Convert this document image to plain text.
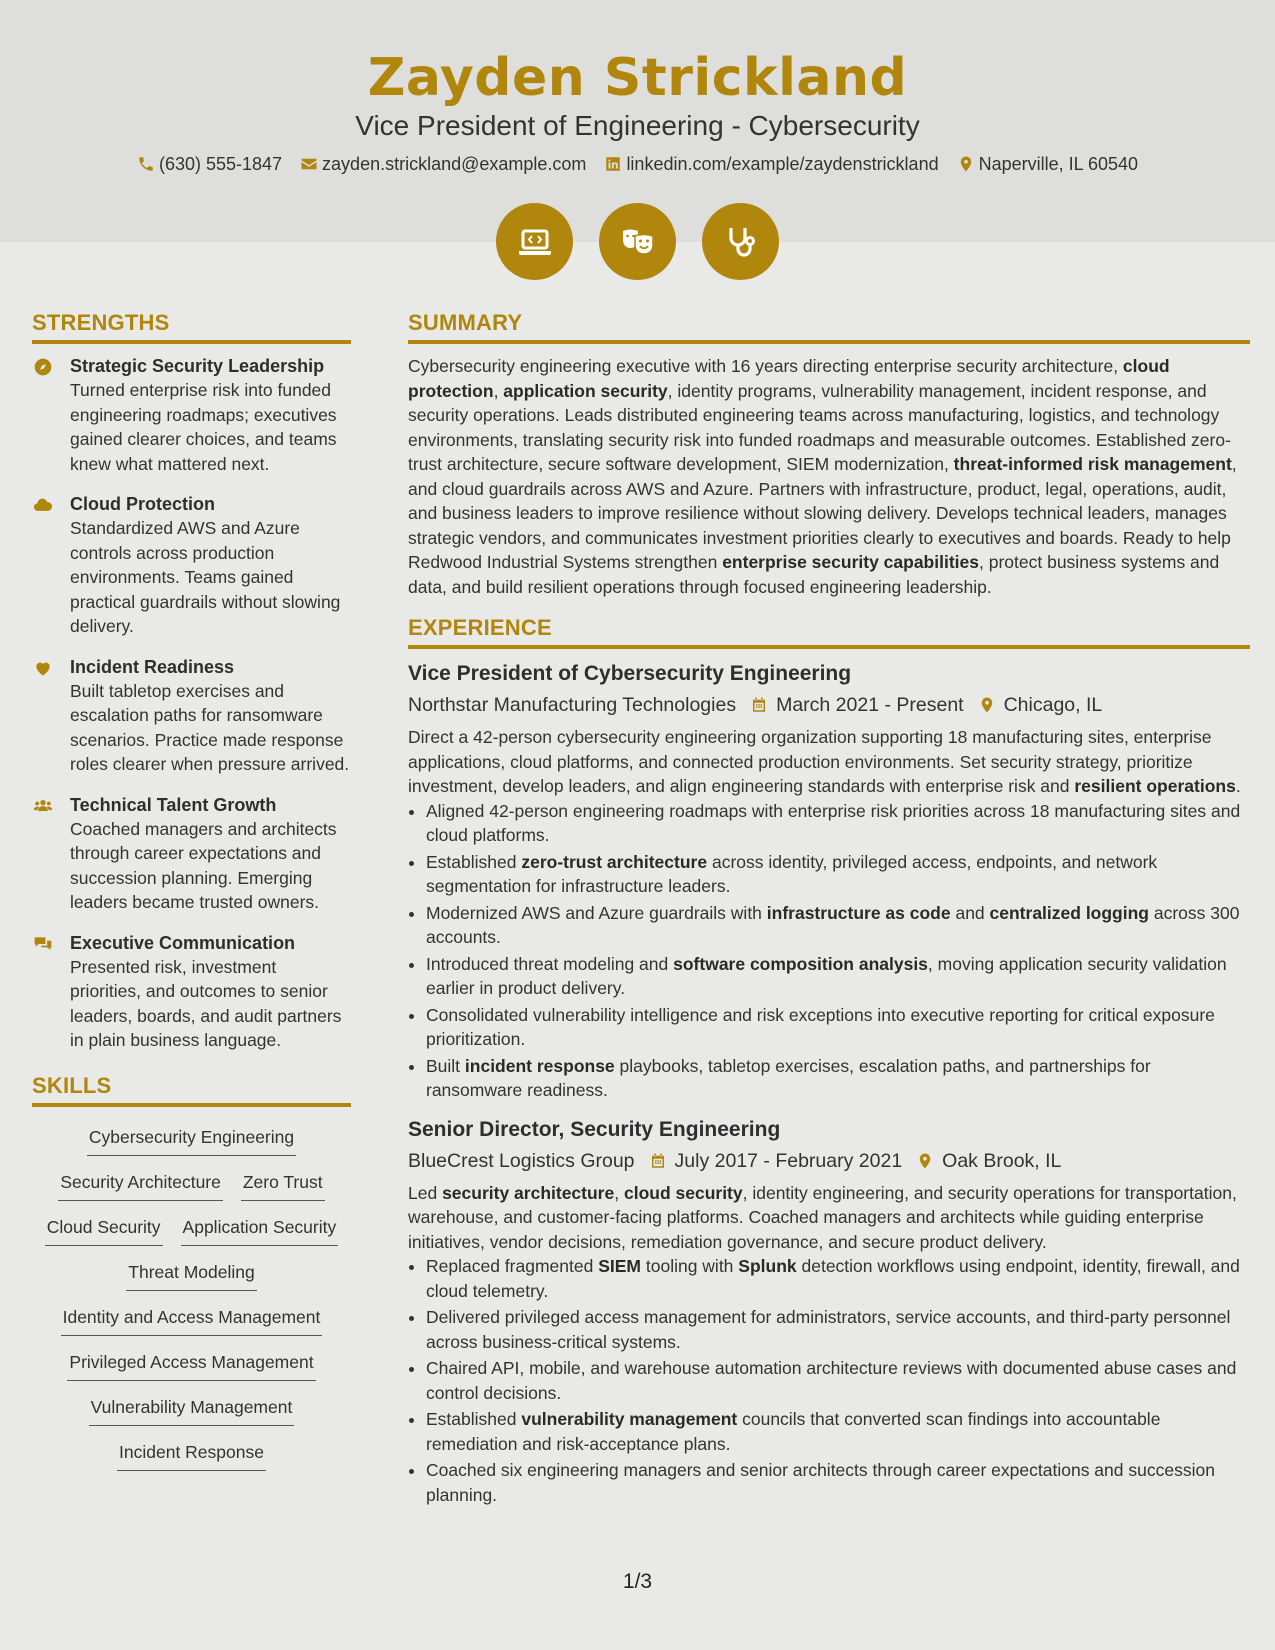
Zayden Strickland
Vice President of Engineering - Cybersecurity
(630) 555-1847 zayden.strickland@example.com linkedin.com/example/zaydenstrickland Naperville, IL 60540
STRENGTHS
Strategic Security Leadership

Turned enterprise risk into funded engineering roadmaps; executives gained clearer choices, and teams knew what mattered next.

Cloud Protection

Standardized AWS and Azure controls across production environments. Teams gained practical guardrails without slowing delivery.

Incident Readiness

Built tabletop exercises and escalation paths for ransomware scenarios. Practice made response roles clearer when pressure arrived.

Technical Talent Growth

Coached managers and architects through career expectations and succession planning. Emerging leaders became trusted owners.

Executive Communication

Presented risk, investment priorities, and outcomes to senior leaders, boards, and audit partners in plain business language.

SKILLS
Cybersecurity Engineering
Security Architecture Zero Trust
Cloud Security Application Security
Threat Modeling
Identity and Access Management
Privileged Access Management
Vulnerability Management
Incident Response
SUMMARY

Cybersecurity engineering executive with 16 years directing enterprise security architecture, cloud protection, application security, identity programs, vulnerability management, incident response, and security operations. Leads distributed engineering teams across manufacturing, logistics, and technology environments, translating security risk into funded roadmaps and measurable outcomes. Established zero-trust architecture, secure software development, SIEM modernization, threat-informed risk management, and cloud guardrails across AWS and Azure. Partners with infrastructure, product, legal, operations, audit, and business leaders to improve resilience without slowing delivery. Develops technical leaders, manages strategic vendors, and communicates investment priorities clearly to executives and boards. Ready to help Redwood Industrial Systems strengthen enterprise security capabilities, protect business systems and data, and build resilient operations through focused engineering leadership.

EXPERIENCE
Vice President of Cybersecurity Engineering
Northstar Manufacturing Technologies March 2021 - Present Chicago, IL

Direct a 42-person cybersecurity engineering organization supporting 18 manufacturing sites, enterprise applications, cloud platforms, and connected production environments. Set security strategy, prioritize investment, develop leaders, and align engineering standards with enterprise risk and resilient operations.

• Aligned 42-person engineering roadmaps with enterprise risk priorities across 18 manufacturing sites and cloud platforms.
• Established zero-trust architecture across identity, privileged access, endpoints, and network segmentation for infrastructure leaders.
• Modernized AWS and Azure guardrails with infrastructure as code and centralized logging across 300 accounts.
• Introduced threat modeling and software composition analysis, moving application security validation earlier in product delivery.
• Consolidated vulnerability intelligence and risk exceptions into executive reporting for critical exposure prioritization.
• Built incident response playbooks, tabletop exercises, escalation paths, and partnerships for ransomware readiness.
Senior Director, Security Engineering
BlueCrest Logistics Group July 2017 - February 2021 Oak Brook, IL

Led security architecture, cloud security, identity engineering, and security operations for transportation, warehouse, and customer-facing platforms. Coached managers and architects while guiding enterprise initiatives, vendor decisions, remediation governance, and secure product delivery.

• Replaced fragmented SIEM tooling with Splunk detection workflows using endpoint, identity, firewall, and cloud telemetry.
• Delivered privileged access management for administrators, service accounts, and third-party personnel across business-critical systems.
• Chaired API, mobile, and warehouse automation architecture reviews with documented abuse cases and control decisions.
• Established vulnerability management councils that converted scan findings into accountable remediation and risk-acceptance plans.
• Coached six engineering managers and senior architects through career expectations and succession planning.
1/3
